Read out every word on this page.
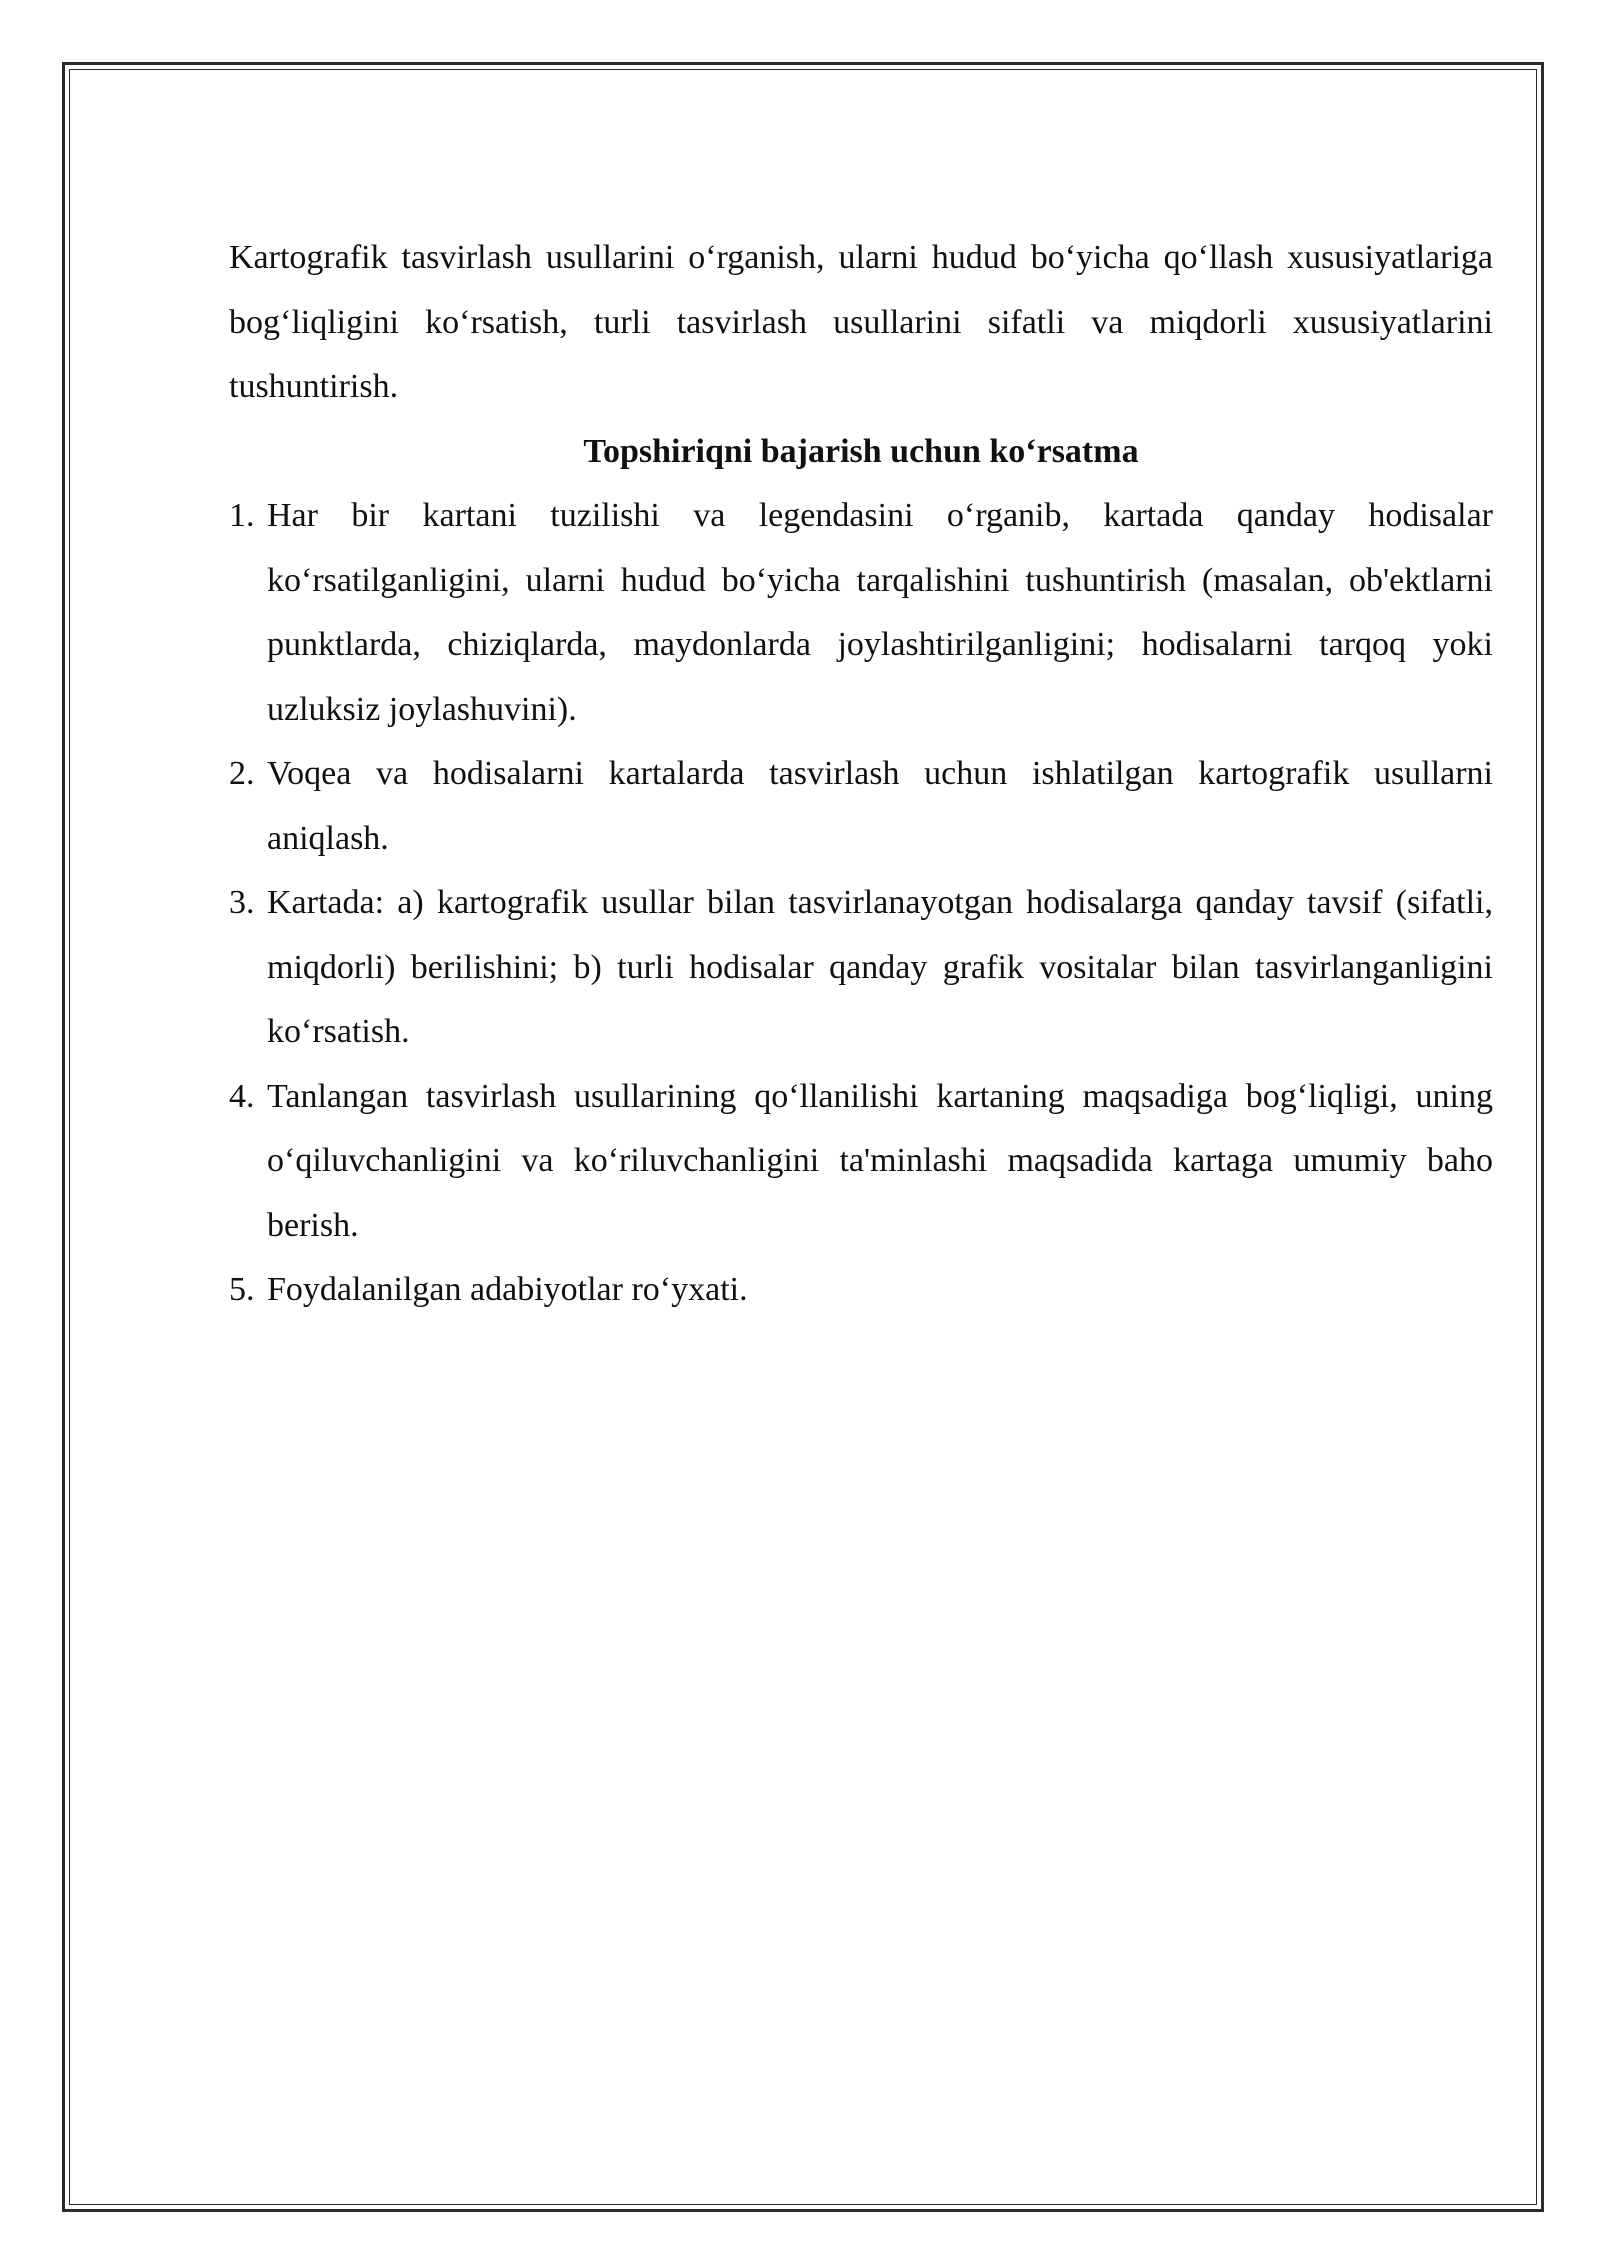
Kartografik tasvirlash usullarini o‘rganish, ularni hudud bo‘yicha qo‘llash xususiyatlariga bog‘liqligini ko‘rsatish, turli tasvirlash usullarini sifatli va miqdorli xususiyatlarini tushuntirish.

Topshiriqni bajarish uchun ko‘rsatma

1. Har bir kartani tuzilishi va legendasini o‘rganib, kartada qanday hodisalar ko‘rsatilganligini, ularni hudud bo‘yicha tarqalishini tushuntirish (masalan, ob'ektlarni punktlarda, chiziqlarda, maydonlarda joylashtirilganligini; hodisalarni tarqoq yoki uzluksiz joylashuvini).
2. Voqea va hodisalarni kartalarda tasvirlash uchun ishlatilgan kartografik usullarni aniqlash.
3. Kartada: a) kartografik usullar bilan tasvirlanayotgan hodisalarga qanday tavsif (sifatli, miqdorli) berilishini; b) turli hodisalar qanday grafik vositalar bilan tasvirlanganligini ko‘rsatish.
4. Tanlangan tasvirlash usullarining qo‘llanilishi kartaning maqsadiga bog‘liqligi, uning o‘qiluvchanligini va ko‘riluvchanligini ta'minlashi maqsadida kartaga umumiy baho berish.
5. Foydalanilgan adabiyotlar ro‘yxati.
